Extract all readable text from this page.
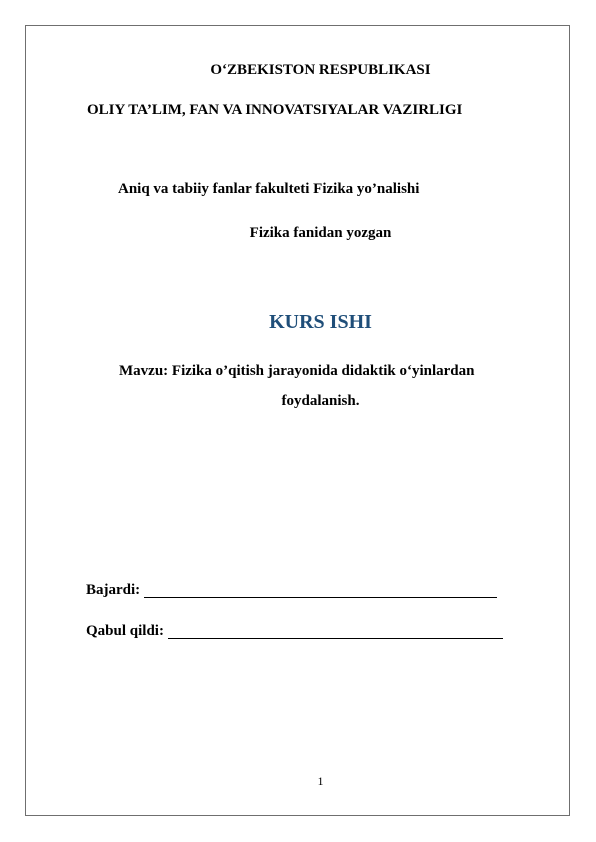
O‘ZBEKISTON RESPUBLIKASI
OLIY TA’LIM, FAN VA INNOVATSIYALAR VAZIRLIGI
Aniq va tabiiy fanlar fakulteti Fizika yo’nalishi
Fizika fanidan yozgan
KURS ISHI
Mavzu: Fizika o’qitish jarayonida didaktik o‘yinlardan
foydalanish.
Bajardi:
Qabul qildi:
1
